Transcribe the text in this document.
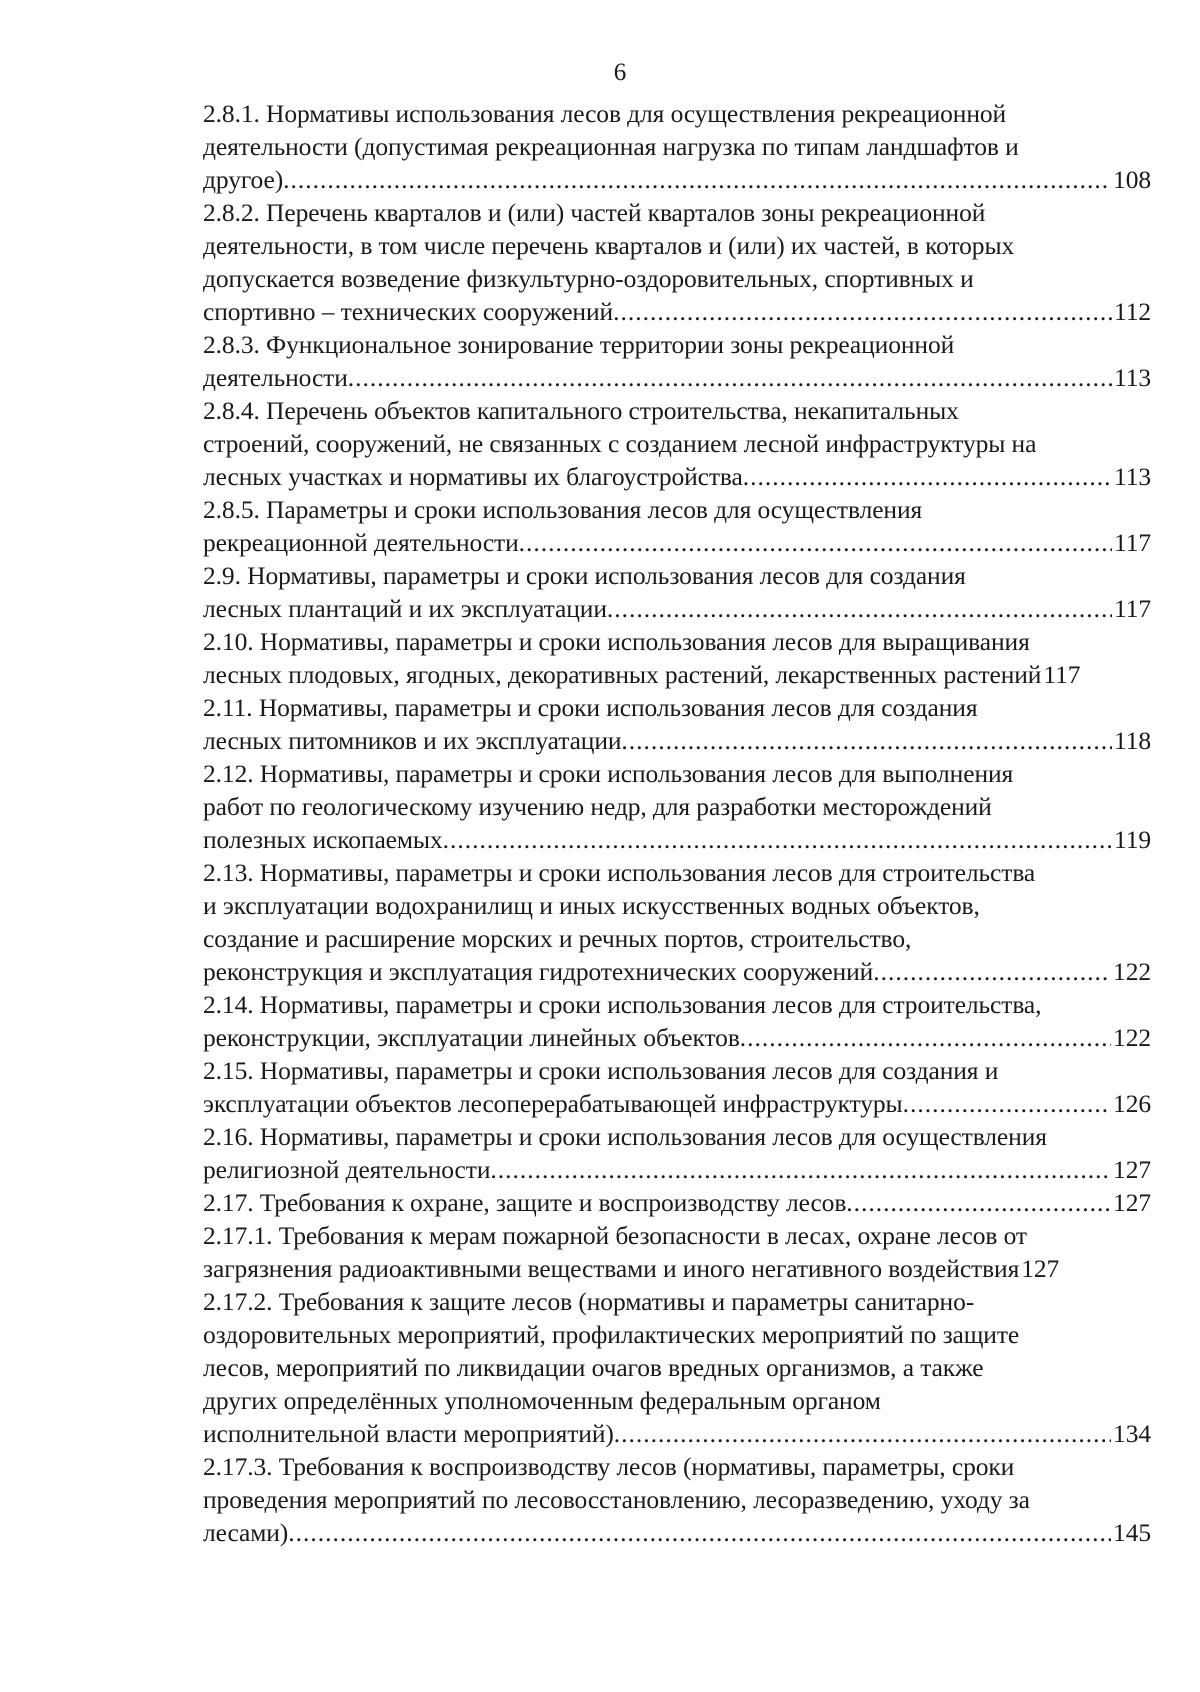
6
2.8.1. Нормативы использования лесов для осуществления рекреационной
деятельности (допустимая рекреационная нагрузка по типам ландшафтов и
другое) .....	108
2.8.2. Перечень кварталов и (или) частей кварталов зоны рекреационной
деятельности, в том числе перечень кварталов и (или) их частей, в которых
допускается возведение физкультурно-оздоровительных, спортивных и
спортивно – технических сооружений .....	112
2.8.3. Функциональное зонирование территории зоны рекреационной
деятельности .....	113
2.8.4. Перечень объектов капитального строительства, некапитальных
строений, сооружений, не связанных с созданием лесной инфраструктуры на
лесных участках и нормативы их благоустройства .....	113
2.8.5. Параметры и сроки использования лесов для осуществления
рекреационной деятельности .....	117
2.9. Нормативы, параметры и сроки использования лесов для создания
лесных плантаций и их эксплуатации .....	117
2.10. Нормативы, параметры и сроки использования лесов для выращивания
лесных плодовых, ягодных, декоративных растений, лекарственных растений 117
2.11. Нормативы, параметры и сроки использования лесов для создания
лесных питомников и их эксплуатации .....	118
2.12. Нормативы, параметры и сроки использования лесов для выполнения
работ по геологическому изучению недр, для разработки месторождений
полезных ископаемых .....	119
2.13. Нормативы, параметры и сроки использования лесов для строительства
и эксплуатации водохранилищ и иных искусственных водных объектов,
создание и расширение морских и речных портов, строительство,
реконструкция и эксплуатация гидротехнических сооружений .....	122
2.14. Нормативы, параметры и сроки использования лесов для строительства,
реконструкции, эксплуатации линейных объектов .....	122
2.15. Нормативы, параметры и сроки использования лесов для создания и
эксплуатации объектов лесоперерабатывающей инфраструктуры .....	126
2.16. Нормативы, параметры и сроки использования лесов для осуществления
религиозной деятельности .....	127
2.17. Требования к охране, защите и воспроизводству лесов .....	127
2.17.1. Требования к мерам пожарной безопасности в лесах, охране лесов от
загрязнения радиоактивными веществами и иного негативного воздействия 127
2.17.2. Требования к защите лесов (нормативы и параметры санитарно-
оздоровительных мероприятий, профилактических мероприятий по защите
лесов, мероприятий по ликвидации очагов вредных организмов, а также
других определённых уполномоченным федеральным органом
исполнительной власти мероприятий) .....	134
2.17.3. Требования к воспроизводству лесов (нормативы, параметры, сроки
проведения мероприятий по лесовосстановлению, лесоразведению, уходу за
лесами) .....	145
